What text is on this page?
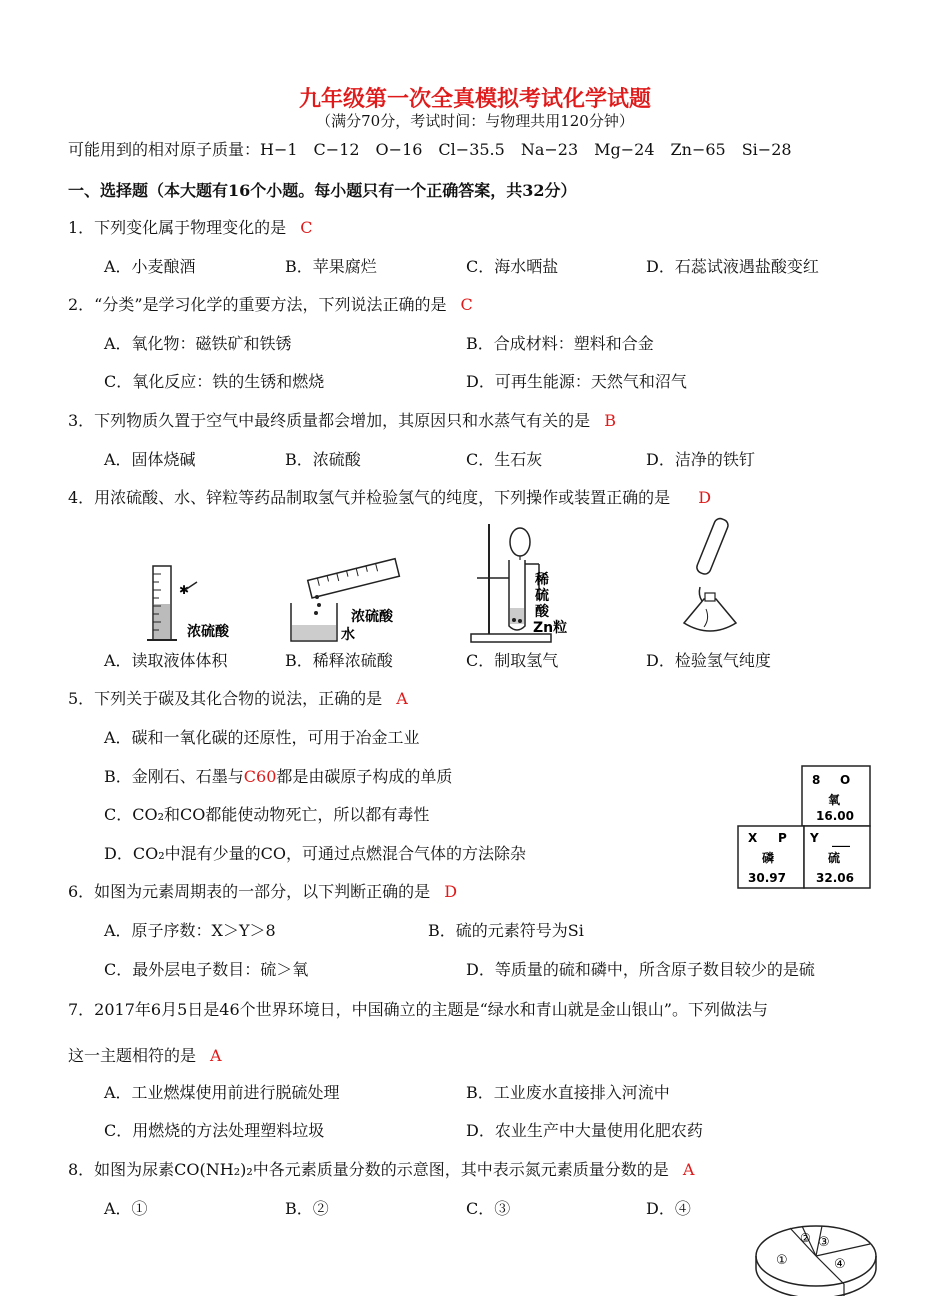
九年级第一次全真模拟考试化学试题
（满分70分，考试时间：与物理共用120分钟）
可能用到的相对原子质量：H−1　C−12　O−16　Cl−35.5　Na−23　Mg−24　Zn−65　Si−28
一、选择题（本大题有16个小题。每小题只有一个正确答案，共32分）
1．下列变化属于物理变化的是 C
A．小麦酿酒	B．苹果腐烂	C．海水晒盐	D．石蕊试液遇盐酸变红
2．“分类”是学习化学的重要方法，下列说法正确的是 C
A．氧化物：磁铁矿和铁锈	B．合成材料：塑料和合金
C．氧化反应：铁的生锈和燃烧	D．可再生能源：天然气和沼气
3．下列物质久置于空气中最终质量都会增加，其原因只和水蒸气有关的是 B
A．固体烧碱	B．浓硫酸	C．生石灰	D．洁净的铁钉
4．用浓硫酸、水、锌粒等药品制取氢气并检验氢气的纯度，下列操作或装置正确的是 D
✱
浓硫酸
浓硫酸
水
稀
硫
酸
Zn粒
A．读取液体体积	B．稀释浓硫酸	C．制取氢气	D．检验氢气纯度
5．下列关于碳及其化合物的说法，正确的是 A
A．碳和一氧化碳的还原性，可用于冶金工业
B．金刚石、石墨与C60都是由碳原子构成的单质
C．CO₂和CO都能使动物死亡，所以都有毒性
D．CO₂中混有少量的CO，可通过点燃混合气体的方法除杂
8 O
氧
16.00
X P
磷
30.97
Y ___
硫
32.06
6．如图为元素周期表的一部分，以下判断正确的是 D
A．原子序数：X＞Y＞8	B．硫的元素符号为Si
C．最外层电子数目：硫＞氧	D．等质量的硫和磷中，所含原子数目较少的是硫
7．2017年6月5日是46个世界环境日，中国确立的主题是“绿水和青山就是金山银山”。下列做法与
这一主题相符的是 A
A．工业燃煤使用前进行脱硫处理	B．工业废水直接排入河流中
C．用燃烧的方法处理塑料垃圾	D．农业生产中大量使用化肥农药
8．如图为尿素CO(NH₂)₂中各元素质量分数的示意图，其中表示氮元素质量分数的是 A
A．①	B．②	C．③	D．④
①
② ③
④
